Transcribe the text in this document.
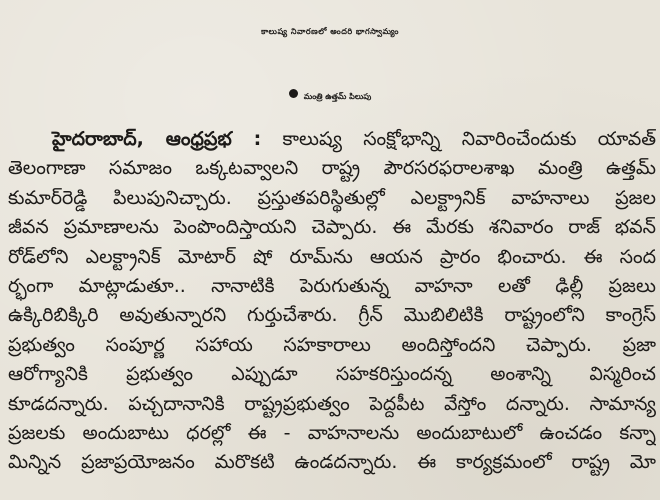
కాలుష్య నివారణలో అందరి భాగస్వామ్యం
మంత్రి ఉత్తమ్ పిలుపు
హైదరాబాద్, ఆంధ్రప్రభ : కాలుష్య సంక్షోభాన్ని నివారించేందుకు యావత్
తెలంగాణా సమాజం ఒక్కటవ్వాలని రాష్ట్ర పౌరసరఫరాలశాఖ మంత్రి ఉత్తమ్
కుమార్‌రెడ్డి పిలుపునిచ్చారు. ప్రస్తుతపరిస్థితుల్లో ఎలక్ట్రానిక్ వాహనాలు ప్రజల
జీవన ప్రమాణాలను పెంపొందిస్తాయని చెప్పారు. ఈ మేరకు శనివారం రాజ్ భవన్
రోడ్‌లోని ఎలక్ట్రానిక్ మోటార్ షో రూమ్‌ను ఆయన ప్రారం భించారు. ఈ సంద
ర్భంగా మాట్లాడుతూ.. నానాటికి పెరుగుతున్న వాహనా లతో ఢిల్లీ ప్రజలు
ఉక్కిరిబిక్కిరి అవుతున్నారని గుర్తుచేశారు. గ్రీన్ మొబిలిటికి రాష్ట్రంలోని కాంగ్రెస్
ప్రభుత్వం సంపూర్ణ సహాయ సహకారాలు అందిస్తోందని చెప్పారు. ప్రజా
ఆరోగ్యానికి ప్రభుత్వం ఎప్పుడూ సహకరిస్తుందన్న అంశాన్ని విస్మరించ
కూడదన్నారు. పచ్చదానానికి రాష్ట్రప్రభుత్వం పెద్దపీట వేస్తోం దన్నారు. సామాన్య
ప్రజలకు అందుబాటు ధరల్లో ఈ - వాహనాలను అందుబాటులో ఉంచడం కన్నా
మిన్నిన ప్రజాప్రయోజనం మరొకటి ఉండదన్నారు. ఈ కార్యక్రమంలో రాష్ట్ర మో
